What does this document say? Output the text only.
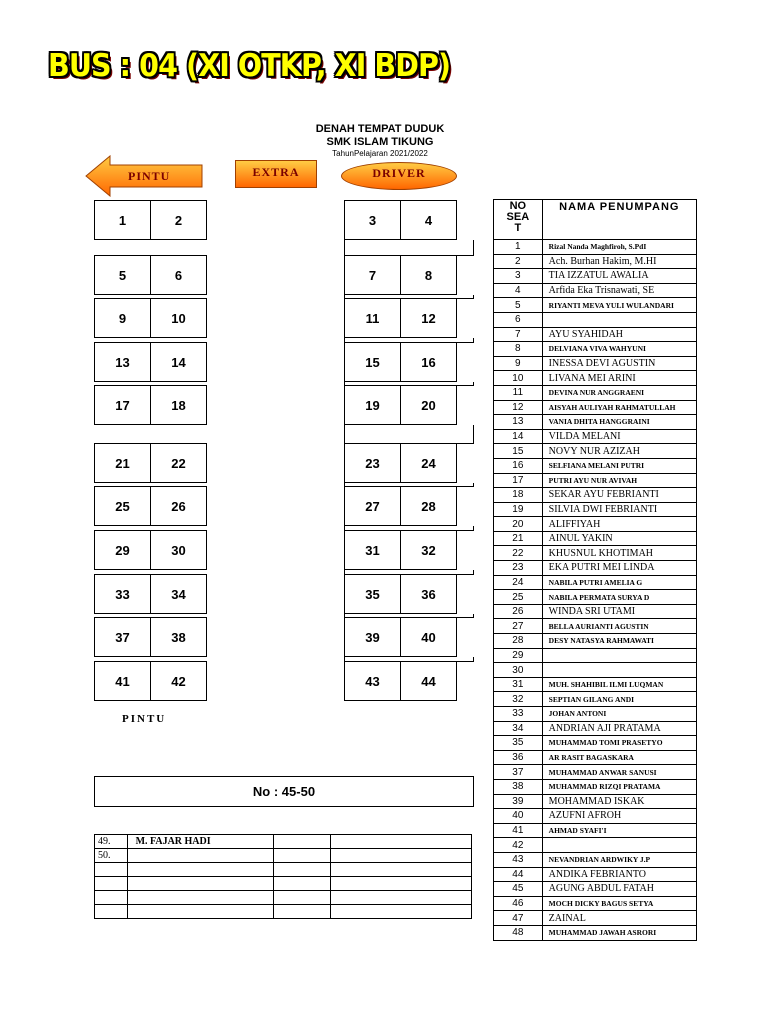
BUS : 04 (XI OTKP, XI BDP)
DENAH TEMPAT DUDUK
SMK ISLAM TIKUNG
TahunPelajaran 2021/2022
PINTU	EXTRA	DRIVER
1	2
5	6
9	10
13	14
17	18
21	22
25	26
29	30
33	34
37	38
41	42
3	4
7	8
11	12
15	16
19	20
23	24
27	28
31	32
35	36
39	40
43	44
PINTU
No : 45-50
49.	M. FAJAR HADI		
50.			

NO SEA T	NAMA PENUMPANG
1	Rizal Nanda Maghfiroh, S.PdI
2	Ach. Burhan Hakim, M.HI
3	TIA IZZATUL AWALIA
4	Arfida Eka Trisnawati, SE
5	RIYANTI MEVA YULI WULANDARI
6	
7	AYU SYAHIDAH
8	DELVIANA VIVA WAHYUNI
9	INESSA DEVI AGUSTIN
10	LIVANA MEI ARINI
11	DEVINA NUR ANGGRAENI
12	AISYAH AULIYAH RAHMATULLAH
13	VANIA DHITA HANGGRAINI
14	VILDA MELANI
15	NOVY NUR AZIZAH
16	SELFIANA MELANI PUTRI
17	PUTRI AYU NUR AVIVAH
18	SEKAR AYU FEBRIANTI
19	SILVIA DWI FEBRIANTI
20	ALIFFIYAH
21	AINUL YAKIN
22	KHUSNUL KHOTIMAH
23	EKA PUTRI MEI LINDA
24	NABILA PUTRI AMELIA G
25	NABILA PERMATA SURYA D
26	WINDA SRI UTAMI
27	BELLA AURIANTI AGUSTIN
28	DESY NATASYA RAHMAWATI
29	
30	
31	MUH. SHAHIBIL ILMI LUQMAN
32	SEPTIAN GILANG ANDI
33	JOHAN ANTONI
34	ANDRIAN AJI PRATAMA
35	MUHAMMAD TOMI PRASETYO
36	AR RASIT BAGASKARA
37	MUHAMMAD ANWAR SANUSI
38	MUHAMMAD RIZQI PRATAMA
39	MOHAMMAD ISKAK
40	AZUFNI AFROH
41	AHMAD SYAFI'I
42	
43	NEVANDRIAN ARDWIKY J.P
44	ANDIKA FEBRIANTO
45	AGUNG ABDUL FATAH
46	MOCH DICKY BAGUS SETYA
47	ZAINAL
48	MUHAMMAD JAWAH ASRORI
